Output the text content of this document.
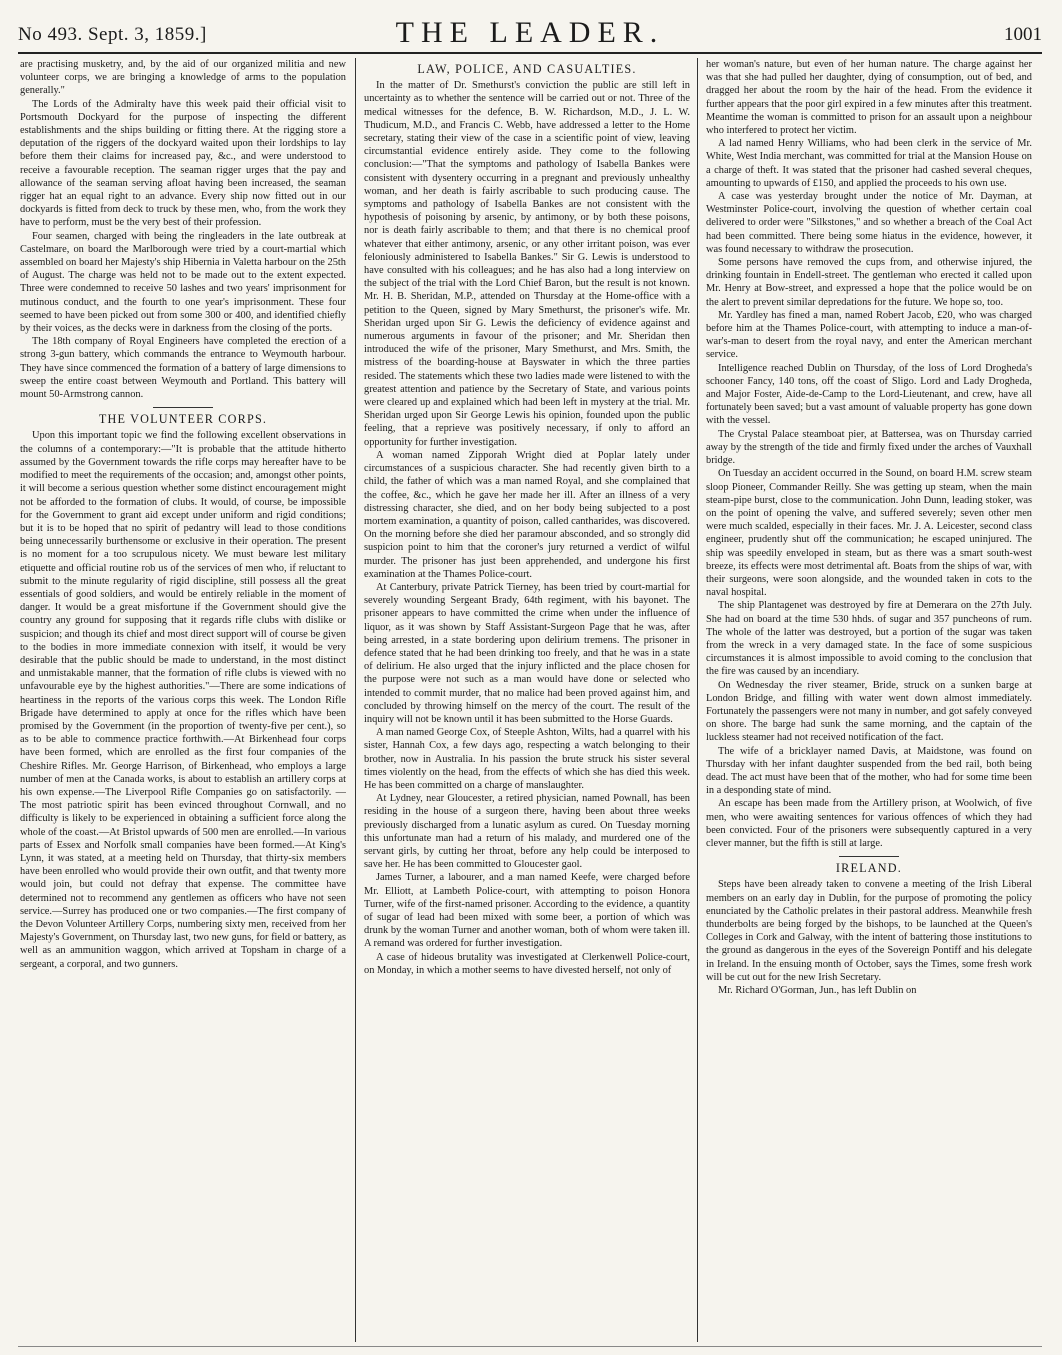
No 493. Sept. 3, 1859.]	THE LEADER.	1001

are practising musketry, and, by the aid of our organized militia and new volunteer corps, we are bringing a knowledge of arms to the population generally."

The Lords of the Admiralty have this week paid their official visit to Portsmouth Dockyard for the purpose of inspecting the different establishments and the ships building or fitting there. At the rigging store a deputation of the riggers of the dockyard waited upon their lordships to lay before them their claims for increased pay, &c., and were understood to receive a favourable reception. The seaman rigger urges that the pay and allowance of the seaman serving afloat having been increased, the seaman rigger hat an equal right to an advance. Every ship now fitted out in our dockyards is fitted from deck to truck by these men, who, from the work they have to perform, must be the very best of their profession.

Four seamen, charged with being the ringleaders in the late outbreak at Castelmare, on board the Marlborough were tried by a court-martial which assembled on board her Majesty's ship Hibernia in Valetta harbour on the 25th of August. The charge was held not to be made out to the extent expected. Three were condemned to receive 50 lashes and two years' imprisonment for mutinous conduct, and the fourth to one year's imprisonment. These four seemed to have been picked out from some 300 or 400, and identified chiefly by their voices, as the decks were in darkness from the closing of the ports.

The 18th company of Royal Engineers have completed the erection of a strong 3-gun battery, which commands the entrance to Weymouth harbour. They have since commenced the formation of a battery of large dimensions to sweep the entire coast between Weymouth and Portland. This battery will mount 50-Armstrong cannon.

THE VOLUNTEER CORPS.

Upon this important topic we find the following excellent observations in the columns of a contemporary:—"It is probable that the attitude hitherto assumed by the Government towards the rifle corps may hereafter have to be modified to meet the requirements of the occasion; and, amongst other points, it will become a serious question whether some distinct encouragement might not be afforded to the formation of clubs. It would, of course, be impossible for the Government to grant aid except under uniform and rigid conditions; but it is to be hoped that no spirit of pedantry will lead to those conditions being unnecessarily burthensome or exclusive in their operation. The present is no moment for a too scrupulous nicety. We must beware lest military etiquette and official routine rob us of the services of men who, if reluctant to submit to the minute regularity of rigid discipline, still possess all the great essentials of good soldiers, and would be entirely reliable in the moment of danger. It would be a great misfortune if the Government should give the country any ground for supposing that it regards rifle clubs with dislike or suspicion; and though its chief and most direct support will of course be given to the bodies in more immediate connexion with itself, it would be very desirable that the public should be made to understand, in the most distinct and unmistakable manner, that the formation of rifle clubs is viewed with no unfavourable eye by the highest authorities."—There are some indications of heartiness in the reports of the various corps this week. The London Rifle Brigade have determined to apply at once for the rifles which have been promised by the Government (in the proportion of twenty-five per cent.), so as to be able to commence practice forthwith.—At Birkenhead four corps have been formed, which are enrolled as the first four companies of the Cheshire Rifles. Mr. George Harrison, of Birkenhead, who employs a large number of men at the Canada works, is about to establish an artillery corps at his own expense.—The Liverpool Rifle Companies go on satisfactorily. —The most patriotic spirit has been evinced throughout Cornwall, and no difficulty is likely to be experienced in obtaining a sufficient force along the whole of the coast.—At Bristol upwards of 500 men are enrolled.—In various parts of Essex and Norfolk small companies have been formed.—At King's Lynn, it was stated, at a meeting held on Thursday, that thirty-six members have been enrolled who would provide their own outfit, and that twenty more would join, but could not defray that expense. The committee have determined not to recommend any gentlemen as officers who have not seen service.—Surrey has produced one or two companies.—The first company of the Devon Volunteer Artillery Corps, numbering sixty men, received from her Majesty's Government, on Thursday last, two new guns, for field or battery, as well as an ammunition waggon, which arrived at Topsham in charge of a sergeant, a corporal, and two gunners.

LAW, POLICE, AND CASUALTIES.

In the matter of Dr. Smethurst's conviction the public are still left in uncertainty as to whether the sentence will be carried out or not. Three of the medical witnesses for the defence, B. W. Richardson, M.D., J. L. W. Thudicum, M.D., and Francis C. Webb, have addressed a letter to the Home secretary, stating their view of the case in a scientific point of view, leaving circumstantial evidence entirely aside. They come to the following conclusion:—"That the symptoms and pathology of Isabella Bankes were consistent with dysentery occurring in a pregnant and previously unhealthy woman, and her death is fairly ascribable to such producing cause. The symptoms and pathology of Isabella Bankes are not consistent with the hypothesis of poisoning by arsenic, by antimony, or by both these poisons, nor is death fairly ascribable to them; and that there is no chemical proof whatever that either antimony, arsenic, or any other irritant poison, was ever feloniously administered to Isabella Bankes." Sir G. Lewis is understood to have consulted with his colleagues; and he has also had a long interview on the subject of the trial with the Lord Chief Baron, but the result is not known. Mr. H. B. Sheridan, M.P., attended on Thursday at the Home-office with a petition to the Queen, signed by Mary Smethurst, the prisoner's wife. Mr. Sheridan urged upon Sir G. Lewis the deficiency of evidence against and numerous arguments in favour of the prisoner; and Mr. Sheridan then introduced the wife of the prisoner, Mary Smethurst, and Mrs. Smith, the mistress of the boarding-house at Bayswater in which the three parties resided. The statements which these two ladies made were listened to with the greatest attention and patience by the Secretary of State, and various points were cleared up and explained which had been left in mystery at the trial. Mr. Sheridan urged upon Sir George Lewis his opinion, founded upon the public feeling, that a reprieve was positively necessary, if only to afford an opportunity for further investigation.

A woman named Zipporah Wright died at Poplar lately under circumstances of a suspicious character. She had recently given birth to a child, the father of which was a man named Royal, and she complained that the coffee, &c., which he gave her made her ill. After an illness of a very distressing character, she died, and on her body being subjected to a post mortem examination, a quantity of poison, called cantharides, was discovered. On the morning before she died her paramour absconded, and so strongly did suspicion point to him that the coroner's jury returned a verdict of wilful murder. The prisoner has just been apprehended, and undergone his first examination at the Thames Police-court.

At Canterbury, private Patrick Tierney, has been tried by court-martial for severely wounding Sergeant Brady, 64th regiment, with his bayonet. The prisoner appears to have committed the crime when under the influence of liquor, as it was shown by Staff Assistant-Surgeon Page that he was, after being arrested, in a state bordering upon delirium tremens. The prisoner in defence stated that he had been drinking too freely, and that he was in a state of delirium. He also urged that the injury inflicted and the place chosen for the purpose were not such as a man would have done or selected who intended to commit murder, that no malice had been proved against him, and concluded by throwing himself on the mercy of the court. The result of the inquiry will not be known until it has been submitted to the Horse Guards.

A man named George Cox, of Steeple Ashton, Wilts, had a quarrel with his sister, Hannah Cox, a few days ago, respecting a watch belonging to their brother, now in Australia. In his passion the brute struck his sister several times violently on the head, from the effects of which she has died this week. He has been committed on a charge of manslaughter.

At Lydney, near Gloucester, a retired physician, named Pownall, has been residing in the house of a surgeon there, having been about three weeks previously discharged from a lunatic asylum as cured. On Tuesday morning this unfortunate man had a return of his malady, and murdered one of the servant girls, by cutting her throat, before any help could be interposed to save her. He has been committed to Gloucester gaol.

James Turner, a labourer, and a man named Keefe, were charged before Mr. Elliott, at Lambeth Police-court, with attempting to poison Honora Turner, wife of the first-named prisoner. According to the evidence, a quantity of sugar of lead had been mixed with some beer, a portion of which was drunk by the woman Turner and another woman, both of whom were taken ill. A remand was ordered for further investigation.

A case of hideous brutality was investigated at Clerkenwell Police-court, on Monday, in which a mother seems to have divested herself, not only of

her woman's nature, but even of her human nature. The charge against her was that she had pulled her daughter, dying of consumption, out of bed, and dragged her about the room by the hair of the head. From the evidence it further appears that the poor girl expired in a few minutes after this treatment. Meantime the woman is committed to prison for an assault upon a neighbour who interfered to protect her victim.

A lad named Henry Williams, who had been clerk in the service of Mr. White, West India merchant, was committed for trial at the Mansion House on a charge of theft. It was stated that the prisoner had cashed several cheques, amounting to upwards of £150, and applied the proceeds to his own use.

A case was yesterday brought under the notice of Mr. Dayman, at Westminster Police-court, involving the question of whether certain coal delivered to order were "Silkstones," and so whether a breach of the Coal Act had been committed. There being some hiatus in the evidence, however, it was found necessary to withdraw the prosecution.

Some persons have removed the cups from, and otherwise injured, the drinking fountain in Endell-street. The gentleman who erected it called upon Mr. Henry at Bow-street, and expressed a hope that the police would be on the alert to prevent similar depredations for the future. We hope so, too.

Mr. Yardley has fined a man, named Robert Jacob, £20, who was charged before him at the Thames Police-court, with attempting to induce a man-of-war's-man to desert from the royal navy, and enter the American merchant service.

Intelligence reached Dublin on Thursday, of the loss of Lord Drogheda's schooner Fancy, 140 tons, off the coast of Sligo. Lord and Lady Drogheda, and Major Foster, Aide-de-Camp to the Lord-Lieutenant, and crew, have all fortunately been saved; but a vast amount of valuable property has gone down with the vessel.

The Crystal Palace steamboat pier, at Battersea, was on Thursday carried away by the strength of the tide and firmly fixed under the arches of Vauxhall bridge.

On Tuesday an accident occurred in the Sound, on board H.M. screw steam sloop Pioneer, Commander Reilly. She was getting up steam, when the main steam-pipe burst, close to the communication. John Dunn, leading stoker, was on the point of opening the valve, and suffered severely; seven other men were much scalded, especially in their faces. Mr. J. A. Leicester, second class engineer, prudently shut off the communication; he escaped uninjured. The ship was speedily enveloped in steam, but as there was a smart south-west breeze, its effects were most detrimental aft. Boats from the ships of war, with their surgeons, were soon alongside, and the wounded taken in cots to the naval hospital.

The ship Plantagenet was destroyed by fire at Demerara on the 27th July. She had on board at the time 530 hhds. of sugar and 357 puncheons of rum. The whole of the latter was destroyed, but a portion of the sugar was taken from the wreck in a very damaged state. In the face of some suspicious circumstances it is almost impossible to avoid coming to the conclusion that the fire was caused by an incendiary.

On Wednesday the river steamer, Bride, struck on a sunken barge at London Bridge, and filling with water went down almost immediately. Fortunately the passengers were not many in number, and got safely conveyed on shore. The barge had sunk the same morning, and the captain of the luckless steamer had not received notification of the fact.

The wife of a bricklayer named Davis, at Maidstone, was found on Thursday with her infant daughter suspended from the bed rail, both being dead. The act must have been that of the mother, who had for some time been in a desponding state of mind.

An escape has been made from the Artillery prison, at Woolwich, of five men, who were awaiting sentences for various offences of which they had been convicted. Four of the prisoners were subsequently captured in a very clever manner, but the fifth is still at large.

IRELAND.

Steps have been already taken to convene a meeting of the Irish Liberal members on an early day in Dublin, for the purpose of promoting the policy enunciated by the Catholic prelates in their pastoral address. Meanwhile fresh thunderbolts are being forged by the bishops, to be launched at the Queen's Colleges in Cork and Galway, with the intent of battering those institutions to the ground as dangerous in the eyes of the Sovereign Pontiff and his delegate in Ireland. In the ensuing month of October, says the Times, some fresh work will be cut out for the new Irish Secretary.

Mr. Richard O'Gorman, Jun., has left Dublin on
